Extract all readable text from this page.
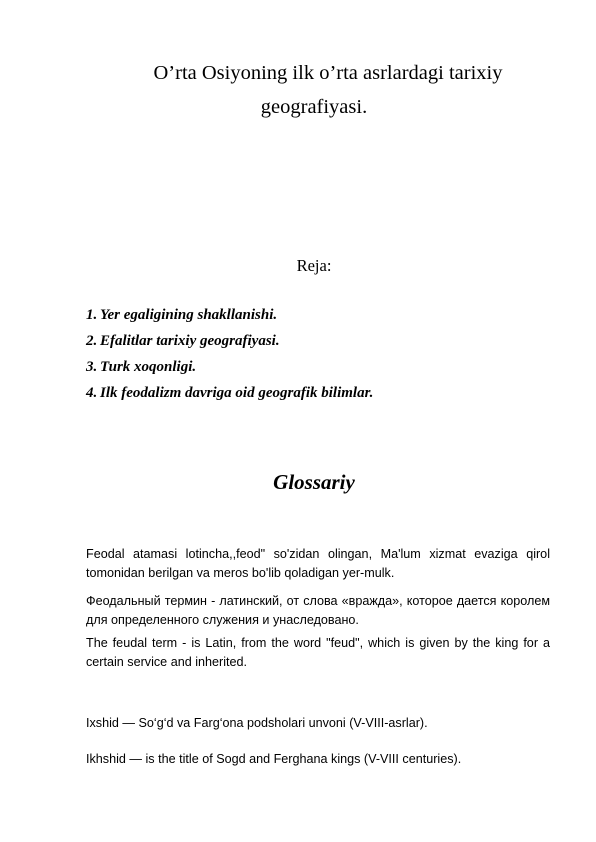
O’rta Osiyoning ilk o’rta asrlardagi tarixiy
geografiyasi.
Reja:
1. Yer egaligining shakllanishi.
2. Efalitlar tarixiy geografiyasi.
3. Turk xoqonligi.
4. Ilk feodalizm davriga oid geografik bilimlar.
Glossariy
Feodal atamasi lotincha,,feod" so'zidan olingan, Ma'lum xizmat evaziga qirol tomonidan berilgan va meros bo'lib qoladigan yer-mulk.
Феодальный термин - латинский, от слова «вражда», которое дается королем для определенного служения и унаследовано.
The feudal term - is Latin, from the word "feud", which is given by the king for a certain service and inherited.
Ixshid — So‘g‘d va Farg‘ona podsholari unvoni (V-VIII-asrlar).
Ikhshid — is the title of Sogd and Ferghana kings (V-VIII centuries).
